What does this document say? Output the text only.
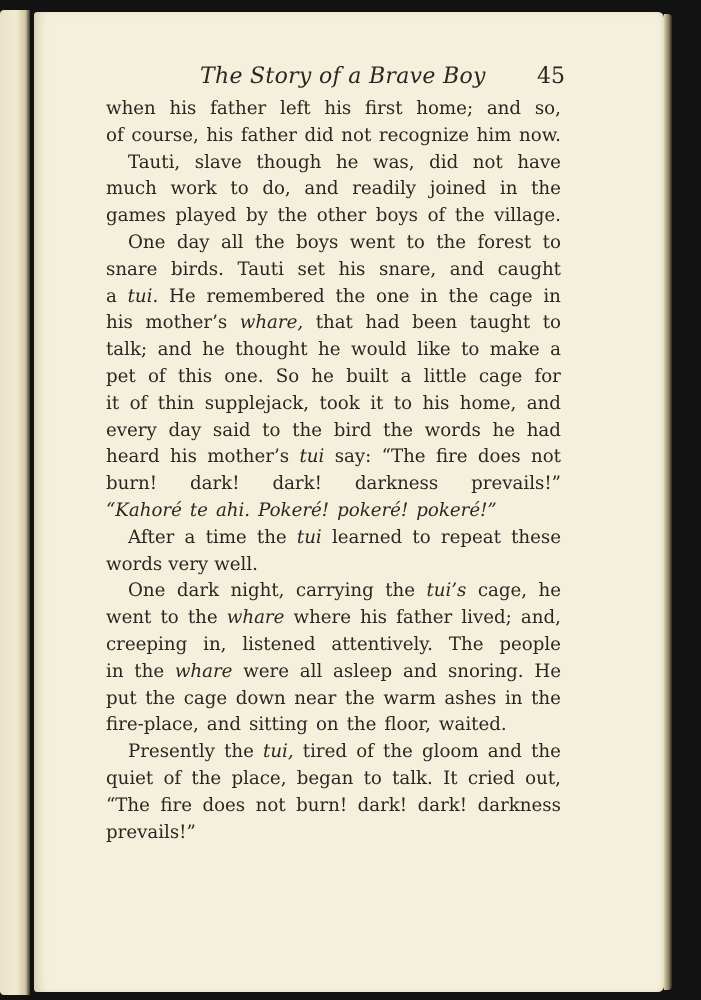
The Story of a Brave Boy 45
when his father left his first home; and so,
of course, his father did not recognize him now.
Tauti, slave though he was, did not have
much work to do, and readily joined in the
games played by the other boys of the village.
One day all the boys went to the forest to
snare birds. Tauti set his snare, and caught
a tui. He remembered the one in the cage in
his mother’s whare, that had been taught to
talk; and he thought he would like to make a
pet of this one. So he built a little cage for
it of thin supplejack, took it to his home, and
every day said to the bird the words he had
heard his mother’s tui say: “The fire does not
burn! dark! dark! darkness prevails!”
“Kahoré te ahi. Pokeré! pokeré! pokeré!”
After a time the tui learned to repeat these
words very well.
One dark night, carrying the tui’s cage, he
went to the whare where his father lived; and,
creeping in, listened attentively. The people
in the whare were all asleep and snoring. He
put the cage down near the warm ashes in the
fire-place, and sitting on the floor, waited.
Presently the tui, tired of the gloom and the
quiet of the place, began to talk. It cried out,
“The fire does not burn! dark! dark! darkness
prevails!”
